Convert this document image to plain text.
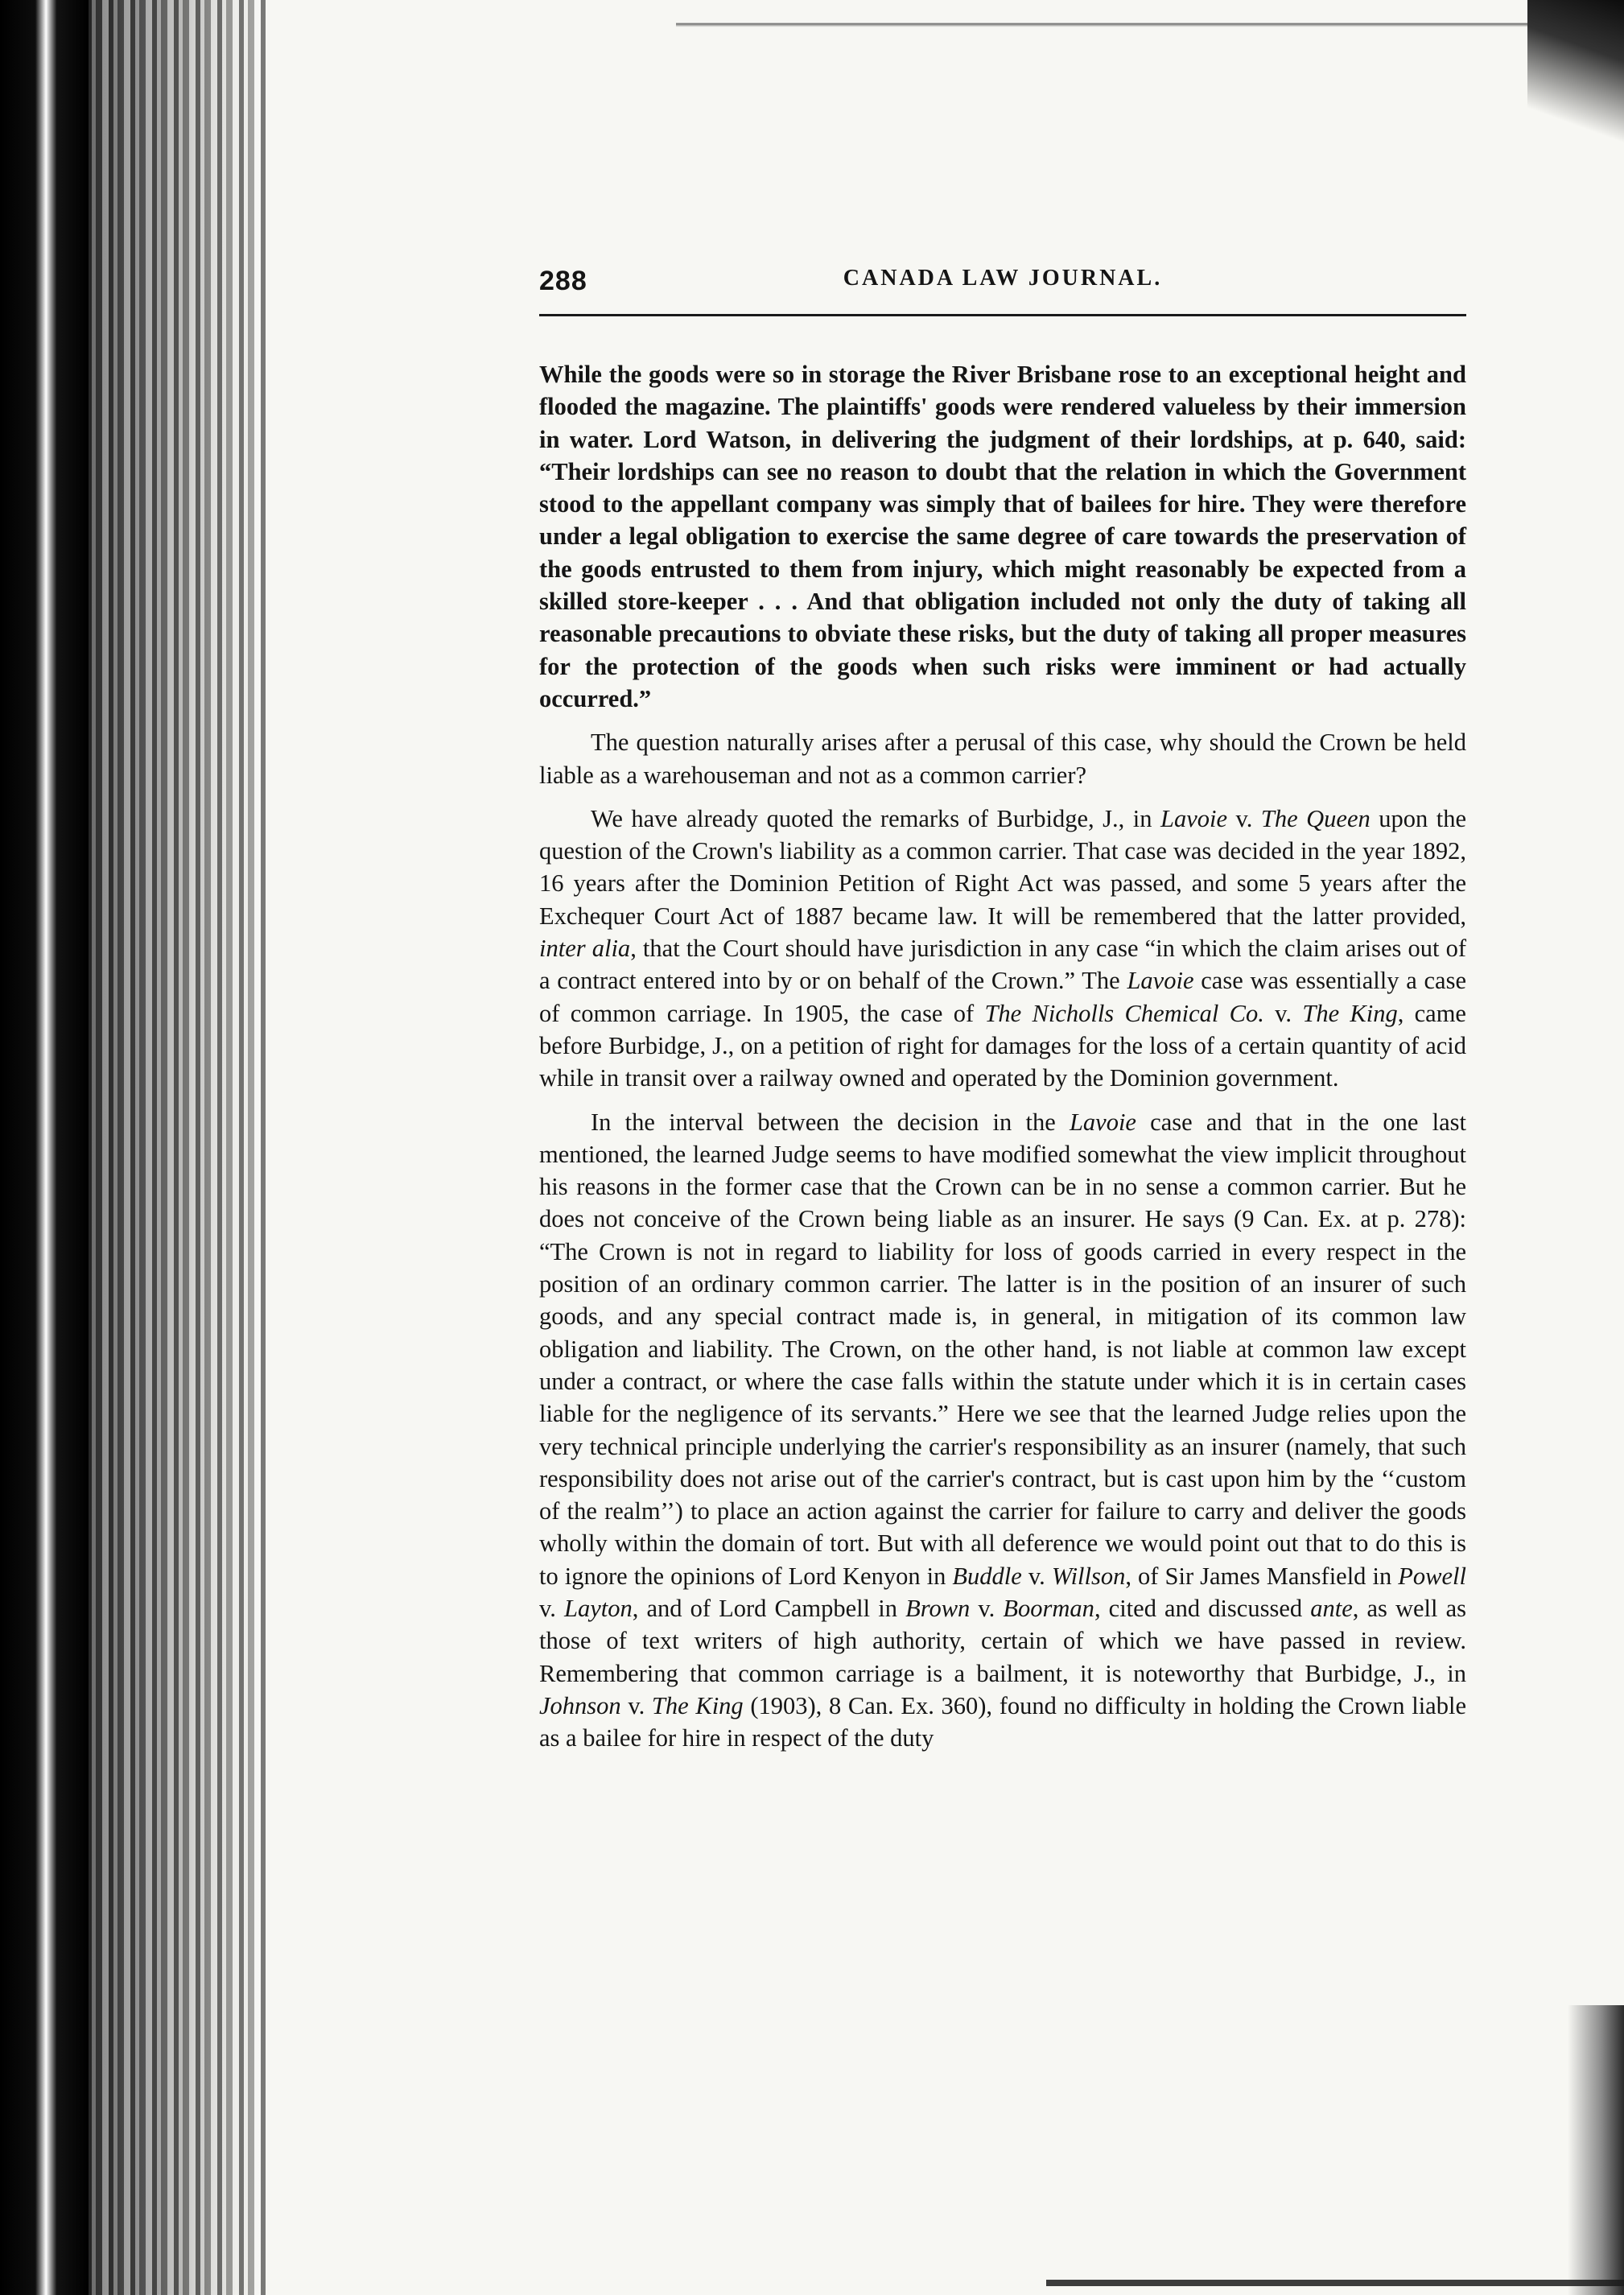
288	CANADA LAW JOURNAL.

While the goods were so in storage the River Brisbane rose to an exceptional height and flooded the magazine. The plaintiffs' goods were rendered valueless by their immersion in water. Lord Watson, in delivering the judgment of their lordships, at p. 640, said: “Their lordships can see no reason to doubt that the relation in which the Government stood to the appellant company was simply that of bailees for hire. They were therefore under a legal obligation to exercise the same degree of care towards the preservation of the goods entrusted to them from injury, which might reasonably be expected from a skilled store-keeper . . . And that obligation included not only the duty of taking all reasonable precautions to obviate these risks, but the duty of taking all proper measures for the protection of the goods when such risks were imminent or had actually occurred.”

The question naturally arises after a perusal of this case, why should the Crown be held liable as a warehouseman and not as a common carrier?

We have already quoted the remarks of Burbidge, J., in Lavoie v. The Queen upon the question of the Crown's liability as a common carrier. That case was decided in the year 1892, 16 years after the Dominion Petition of Right Act was passed, and some 5 years after the Exchequer Court Act of 1887 became law. It will be remembered that the latter provided, inter alia, that the Court should have jurisdiction in any case “in which the claim arises out of a contract entered into by or on behalf of the Crown.” The Lavoie case was essentially a case of common carriage. In 1905, the case of The Nicholls Chemical Co. v. The King, came before Burbidge, J., on a petition of right for damages for the loss of a certain quantity of acid while in transit over a railway owned and operated by the Dominion government.

In the interval between the decision in the Lavoie case and that in the one last mentioned, the learned Judge seems to have modified somewhat the view implicit throughout his reasons in the former case that the Crown can be in no sense a common carrier. But he does not conceive of the Crown being liable as an insurer. He says (9 Can. Ex. at p. 278): “The Crown is not in regard to liability for loss of goods carried in every respect in the position of an ordinary common carrier. The latter is in the position of an insurer of such goods, and any special contract made is, in general, in mitigation of its common law obligation and liability. The Crown, on the other hand, is not liable at common law except under a contract, or where the case falls within the statute under which it is in certain cases liable for the negligence of its servants.” Here we see that the learned Judge relies upon the very technical principle underlying the carrier's responsibility as an insurer (namely, that such responsibility does not arise out of the carrier's contract, but is cast upon him by the ‘‘custom of the realm’’) to place an action against the carrier for failure to carry and deliver the goods wholly within the domain of tort. But with all deference we would point out that to do this is to ignore the opinions of Lord Kenyon in Buddle v. Willson, of Sir James Mansfield in Powell v. Layton, and of Lord Campbell in Brown v. Boorman, cited and discussed ante, as well as those of text writers of high authority, certain of which we have passed in review. Remembering that common carriage is a bailment, it is noteworthy that Burbidge, J., in Johnson v. The King (1903), 8 Can. Ex. 360), found no difficulty in holding the Crown liable as a bailee for hire in respect of the duty
